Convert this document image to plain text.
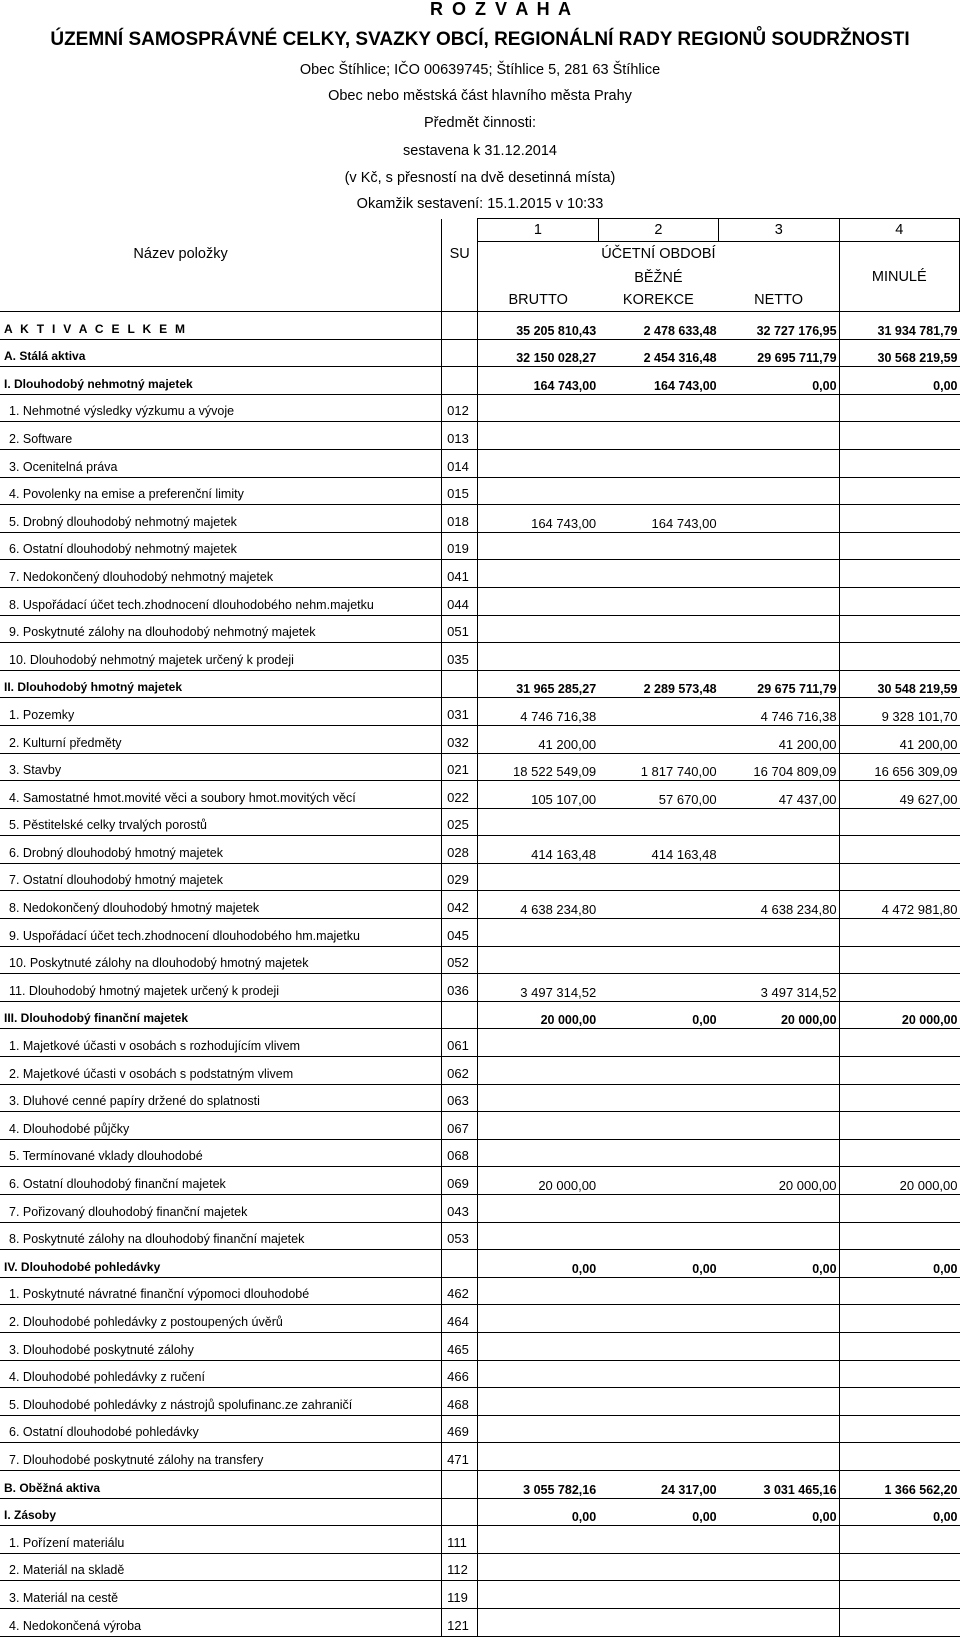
R O Z V A H A
ÚZEMNÍ SAMOSPRÁVNÉ CELKY, SVAZKY OBCÍ, REGIONÁLNÍ RADY REGIONŮ SOUDRŽNOSTI
Obec Štíhlice; IČO 00639745; Štíhlice 5, 281 63 Štíhlice
Obec nebo městská část hlavního města Prahy
Předmět činnosti:
sestavena k 31.12.2014
(v Kč, s přesností na dvě desetinná místa)
Okamžik sestavení: 15.1.2015 v 10:33
Název položky	SU	1	2	3	4
		ÚČETNÍ OBDOBÍ			MINULÉ
		BĚŽNÉ			
		BRUTTO	KOREKCE	NETTO	
A K T I V A C E L K E M		35 205 810,43	2 478 633,48	32 727 176,95	31 934 781,79
A. Stálá aktiva		32 150 028,27	2 454 316,48	29 695 711,79	30 568 219,59
I. Dlouhodobý nehmotný majetek		164 743,00	164 743,00	0,00	0,00
1. Nehmotné výsledky výzkumu a vývoje	012				
2. Software	013				
3. Ocenitelná práva	014				
4. Povolenky na emise a preferenční limity	015				
5. Drobný dlouhodobý nehmotný majetek	018	164 743,00	164 743,00		
6. Ostatní dlouhodobý nehmotný majetek	019				
7. Nedokončený dlouhodobý nehmotný majetek	041				
8. Uspořádací účet tech.zhodnocení dlouhodobého nehm.majetku	044				
9. Poskytnuté zálohy na dlouhodobý nehmotný majetek	051				
10. Dlouhodobý nehmotný majetek určený k prodeji	035				
II. Dlouhodobý hmotný majetek		31 965 285,27	2 289 573,48	29 675 711,79	30 548 219,59
1. Pozemky	031	4 746 716,38		4 746 716,38	9 328 101,70
2. Kulturní předměty	032	41 200,00		41 200,00	41 200,00
3. Stavby	021	18 522 549,09	1 817 740,00	16 704 809,09	16 656 309,09
4. Samostatné hmot.movité věci a soubory hmot.movitých věcí	022	105 107,00	57 670,00	47 437,00	49 627,00
5. Pěstitelské celky trvalých porostů	025				
6. Drobný dlouhodobý hmotný majetek	028	414 163,48	414 163,48		
7. Ostatní dlouhodobý hmotný majetek	029				
8. Nedokončený dlouhodobý hmotný majetek	042	4 638 234,80		4 638 234,80	4 472 981,80
9. Uspořádací účet tech.zhodnocení dlouhodobého hm.majetku	045				
10. Poskytnuté zálohy na dlouhodobý hmotný majetek	052				
11. Dlouhodobý hmotný majetek určený k prodeji	036	3 497 314,52		3 497 314,52	
III. Dlouhodobý finanční majetek		20 000,00	0,00	20 000,00	20 000,00
1. Majetkové účasti v osobách s rozhodujícím vlivem	061				
2. Majetkové účasti v osobách s podstatným vlivem	062				
3. Dluhové cenné papíry držené do splatnosti	063				
4. Dlouhodobé půjčky	067				
5. Termínované vklady dlouhodobé	068				
6. Ostatní dlouhodobý finanční majetek	069	20 000,00		20 000,00	20 000,00
7. Pořizovaný dlouhodobý finanční majetek	043				
8. Poskytnuté zálohy na dlouhodobý finanční majetek	053				
IV. Dlouhodobé pohledávky		0,00	0,00	0,00	0,00
1. Poskytnuté návratné finanční výpomoci dlouhodobé	462				
2. Dlouhodobé pohledávky z postoupených úvěrů	464				
3. Dlouhodobé poskytnuté zálohy	465				
4. Dlouhodobé pohledávky z ručení	466				
5. Dlouhodobé pohledávky z nástrojů spolufinanc.ze zahraničí	468				
6. Ostatní dlouhodobé pohledávky	469				
7. Dlouhodobé poskytnuté zálohy na transfery	471				
B. Oběžná aktiva		3 055 782,16	24 317,00	3 031 465,16	1 366 562,20
I. Zásoby		0,00	0,00	0,00	0,00
1. Pořízení materiálu	111				
2. Materiál na skladě	112				
3. Materiál na cestě	119				
4. Nedokončená výroba	121				
